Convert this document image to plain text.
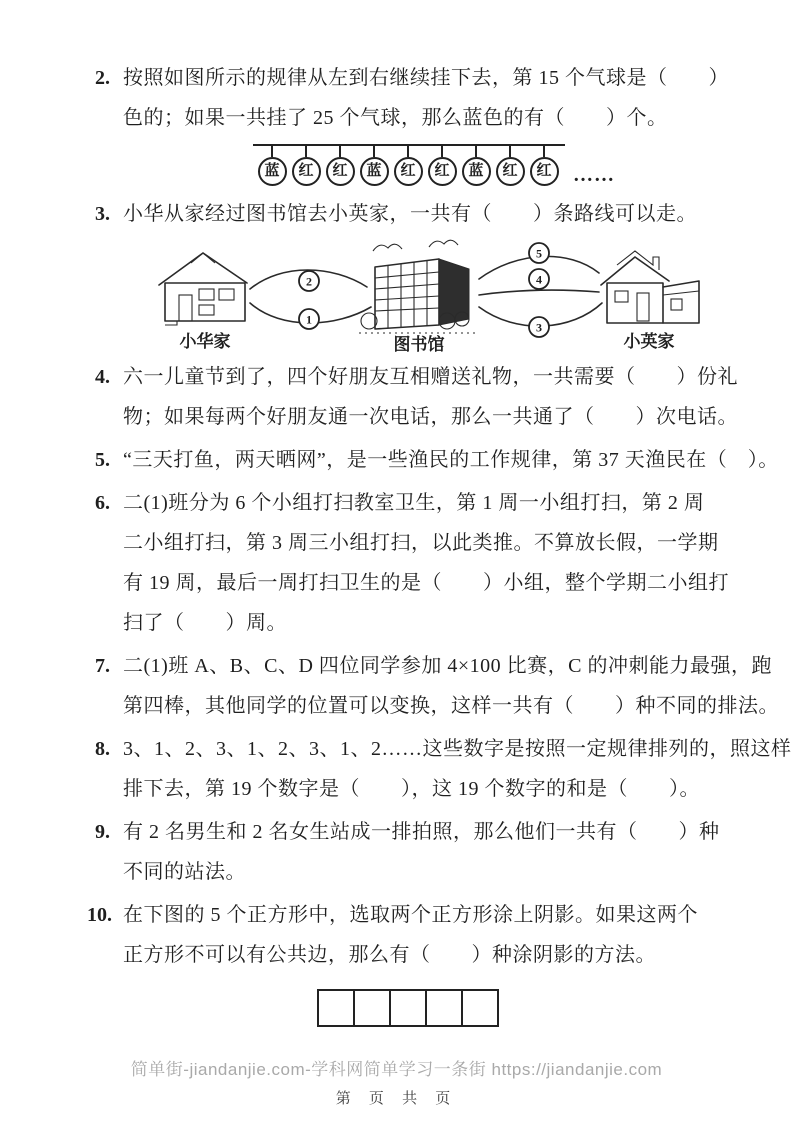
2. 按照如图所示的规律从左到右继续挂下去，第 15 个气球是（　　）
色的；如果一共挂了 25 个气球，那么蓝色的有（　　）个。
蓝	红	红	蓝	红	红	蓝	红	红	……
3. 小华从家经过图书馆去小英家，一共有（　　）条路线可以走。
2
1
5
4
3
小华家	图书馆	小英家
4. 六一儿童节到了，四个好朋友互相赠送礼物，一共需要（　　）份礼
物；如果每两个好朋友通一次电话，那么一共通了（　　）次电话。
5. “三天打鱼，两天晒网”，是一些渔民的工作规律，第 37 天渔民在（　）。
6. 二(1)班分为 6 个小组打扫教室卫生，第 1 周一小组打扫，第 2 周
二小组打扫，第 3 周三小组打扫，以此类推。不算放长假，一学期
有 19 周，最后一周打扫卫生的是（　　）小组，整个学期二小组打
扫了（　　）周。
7. 二(1)班 A、B、C、D 四位同学参加 4×100 比赛，C 的冲刺能力最强，跑
第四棒，其他同学的位置可以变换，这样一共有（　　）种不同的排法。
8. 3、1、2、3、1、2、3、1、2……这些数字是按照一定规律排列的，照这样
排下去，第 19 个数字是（　　），这 19 个数字的和是（　　）。
9. 有 2 名男生和 2 名女生站成一排拍照，那么他们一共有（　　）种
不同的站法。
10. 在下图的 5 个正方形中，选取两个正方形涂上阴影。如果这两个
正方形不可以有公共边，那么有（　　）种涂阴影的方法。
简单街-jiandanjie.com-学科网简单学习一条街 https://jiandanjie.com
第 页 共 页
